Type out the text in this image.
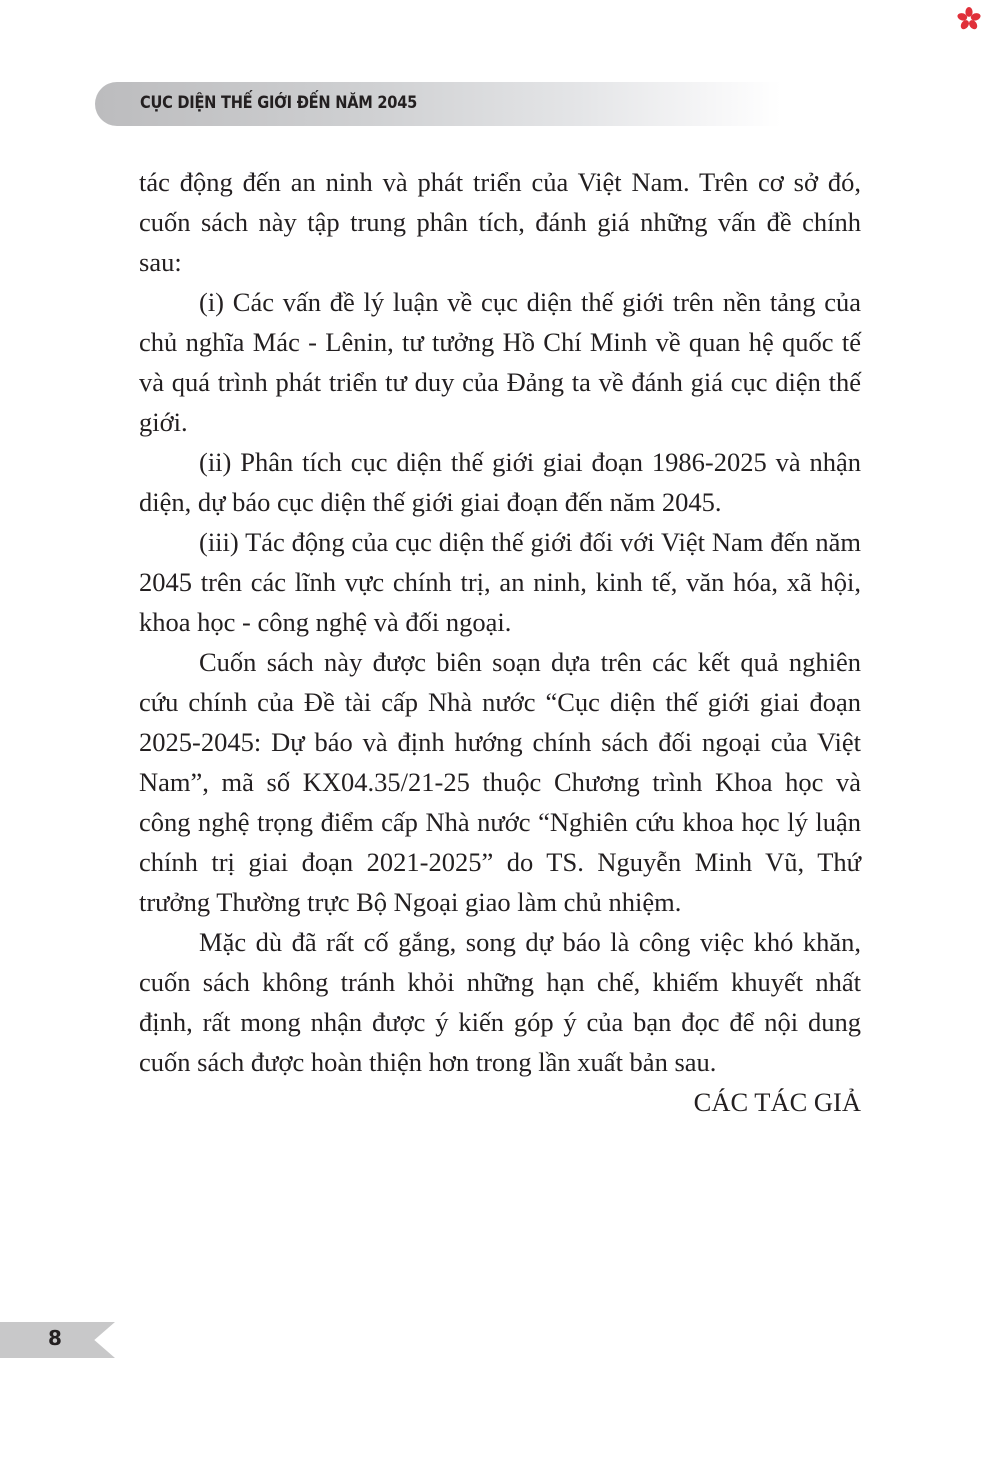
CỤC DIỆN THẾ GIỚI ĐẾN NĂM 2045

tác động đến an ninh và phát triển của Việt Nam. Trên cơ sở đó, cuốn sách này tập trung phân tích, đánh giá những vấn đề chính sau:

(i) Các vấn đề lý luận về cục diện thế giới trên nền tảng của chủ nghĩa Mác - Lênin, tư tưởng Hồ Chí Minh về quan hệ quốc tế và quá trình phát triển tư duy của Đảng ta về đánh giá cục diện thế giới.

(ii) Phân tích cục diện thế giới giai đoạn 1986-2025 và nhận diện, dự báo cục diện thế giới giai đoạn đến năm 2045.

(iii) Tác động của cục diện thế giới đối với Việt Nam đến năm 2045 trên các lĩnh vực chính trị, an ninh, kinh tế, văn hóa, xã hội, khoa học - công nghệ và đối ngoại.

Cuốn sách này được biên soạn dựa trên các kết quả nghiên cứu chính của Đề tài cấp Nhà nước “Cục diện thế giới giai đoạn 2025-2045: Dự báo và định hướng chính sách đối ngoại của Việt Nam”, mã số KX04.35/21-25 thuộc Chương trình Khoa học và công nghệ trọng điểm cấp Nhà nước “Nghiên cứu khoa học lý luận chính trị giai đoạn 2021-2025” do TS. Nguyễn Minh Vũ, Thứ trưởng Thường trực Bộ Ngoại giao làm chủ nhiệm.

Mặc dù đã rất cố gắng, song dự báo là công việc khó khăn, cuốn sách không tránh khỏi những hạn chế, khiếm khuyết nhất định, rất mong nhận được ý kiến góp ý của bạn đọc để nội dung cuốn sách được hoàn thiện hơn trong lần xuất bản sau.

CÁC TÁC GIẢ

8
